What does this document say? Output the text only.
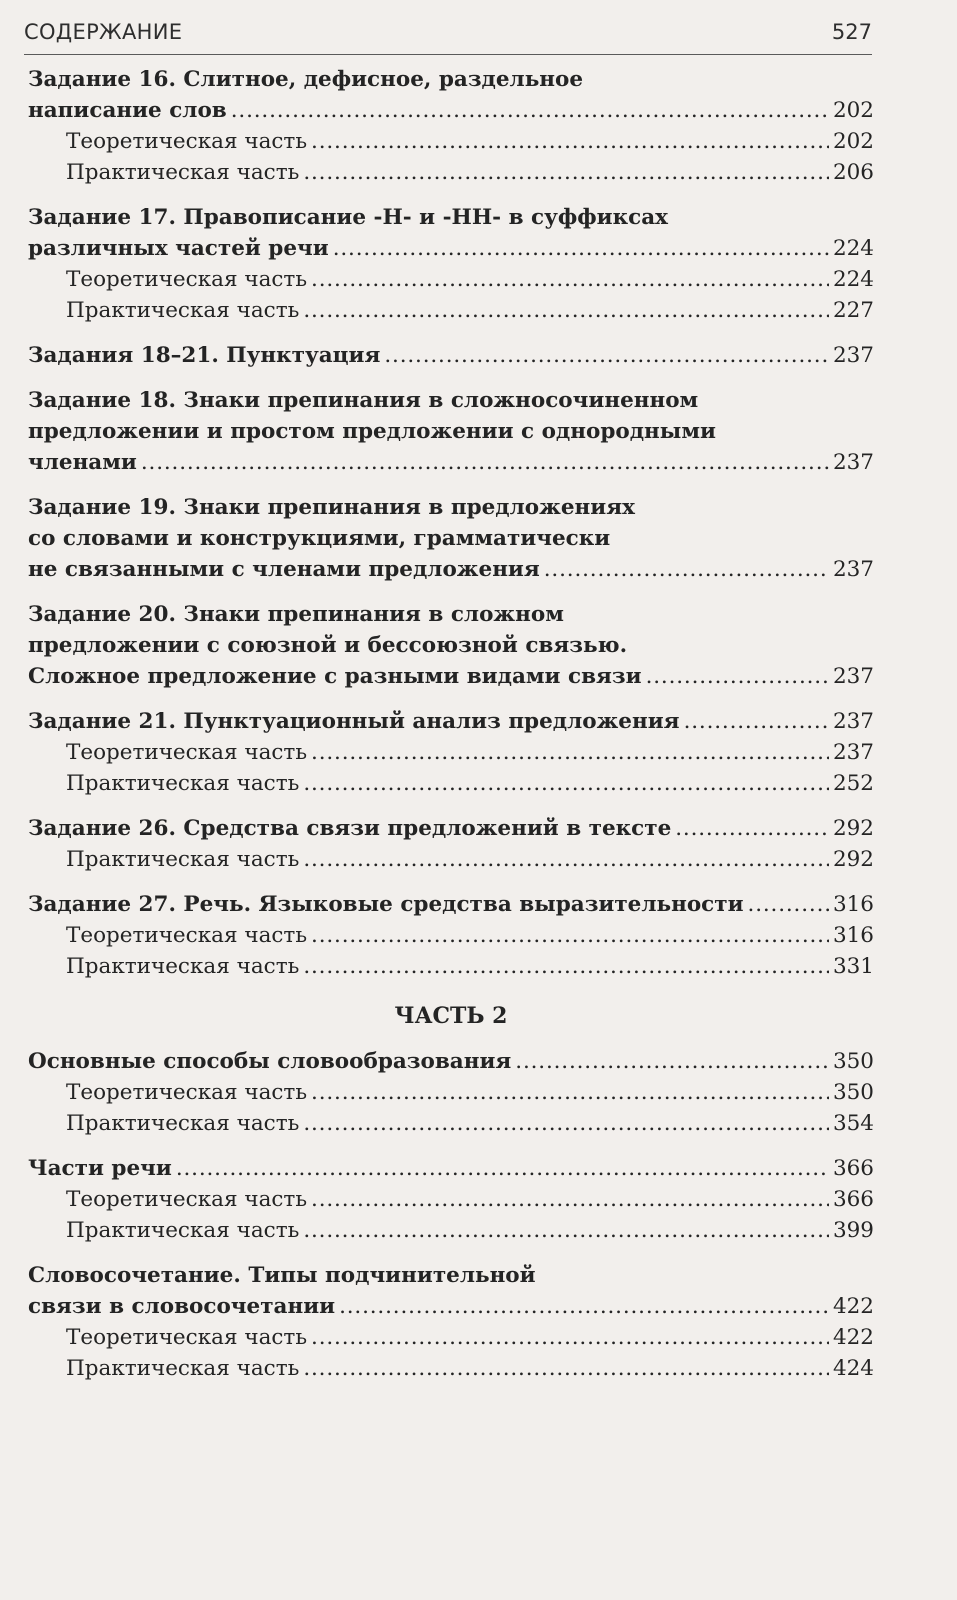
СОДЕРЖАНИЕ	527
Задание 16. Слитное, дефисное, раздельное
написание слов . . .	202
Теоретическая часть . . .	202
Практическая часть . . .	206
Задание 17. Правописание -Н- и -НН- в суффиксах
различных частей речи . . .	224
Теоретическая часть . . .	224
Практическая часть . . .	227
Задания 18–21. Пунктуация . . .	237
Задание 18. Знаки препинания в сложносочиненном
предложении и простом предложении с однородными
членами . . .	237
Задание 19. Знаки препинания в предложениях
со словами и конструкциями, грамматически
не связанными с членами предложения . . .	237
Задание 20. Знаки препинания в сложном
предложении с союзной и бессоюзной связью.
Сложное предложение с разными видами связи . . .	237
Задание 21. Пунктуационный анализ предложения . . .	237
Теоретическая часть . . .	237
Практическая часть . . .	252
Задание 26. Средства связи предложений в тексте . . .	292
Практическая часть . . .	292
Задание 27. Речь. Языковые средства выразительности . . .	316
Теоретическая часть . . .	316
Практическая часть . . .	331
ЧАСТЬ 2
Основные способы словообразования . . .	350
Теоретическая часть . . .	350
Практическая часть . . .	354
Части речи . . .	366
Теоретическая часть . . .	366
Практическая часть . . .	399
Словосочетание. Типы подчинительной
связи в словосочетании . . .	422
Теоретическая часть . . .	422
Практическая часть . . .	424
